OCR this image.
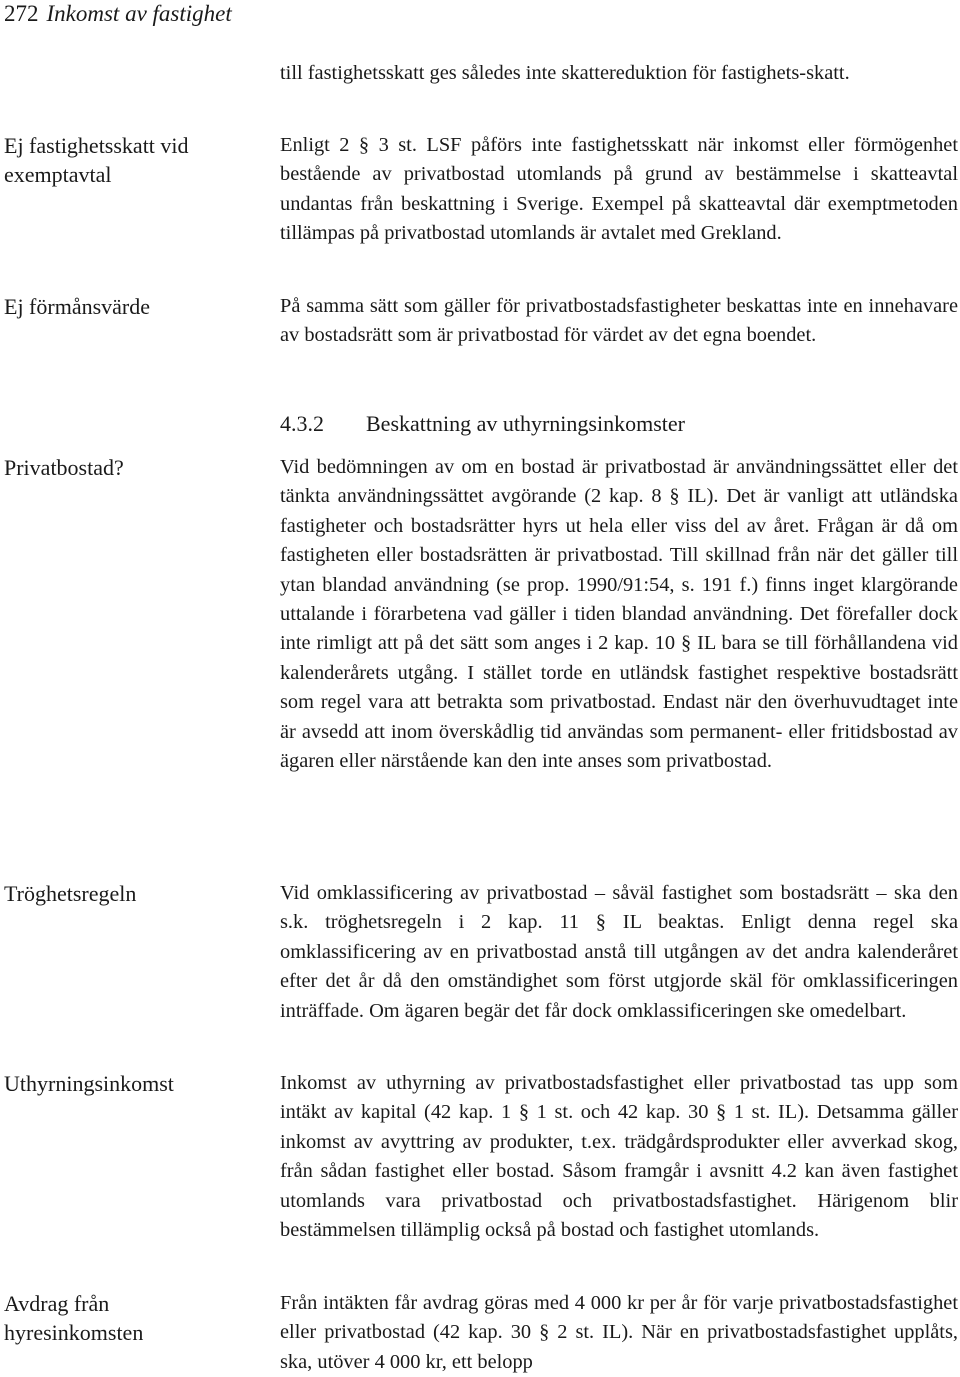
272 Inkomst av fastighet
Ej fastighetsskatt vid exemptavtal
Ej förmånsvärde
Privatbostad?
Tröghetsregeln
Uthyrningsinkomst
Avdrag från hyresinkomsten
till fastighetsskatt ges således inte skattereduktion för fastighets-skatt.
Enligt 2 § 3 st. LSF påförs inte fastighetsskatt när inkomst eller förmögenhet bestående av privatbostad utomlands på grund av bestämmelse i skatteavtal undantas från beskattning i Sverige. Exempel på skatteavtal där exemptmetoden tillämpas på privatbostad utomlands är avtalet med Grekland.
På samma sätt som gäller för privatbostadsfastigheter beskattas inte en innehavare av bostadsrätt som är privatbostad för värdet av det egna boendet.
4.3.2 Beskattning av uthyrningsinkomster
Vid bedömningen av om en bostad är privatbostad är användningssättet eller det tänkta användningssättet avgörande (2 kap. 8 § IL). Det är vanligt att utländska fastigheter och bostadsrätter hyrs ut hela eller viss del av året. Frågan är då om fastigheten eller bostadsrätten är privatbostad. Till skillnad från när det gäller till ytan blandad användning (se prop. 1990/91:54, s. 191 f.) finns inget klargörande uttalande i förarbetena vad gäller i tiden blandad användning. Det förefaller dock inte rimligt att på det sätt som anges i 2 kap. 10 § IL bara se till förhållandena vid kalenderårets utgång. I stället torde en utländsk fastighet respektive bostadsrätt som regel vara att betrakta som privatbostad. Endast när den överhuvudtaget inte är avsedd att inom överskådlig tid användas som permanent- eller fritidsbostad av ägaren eller närstående kan den inte anses som privatbostad.
Vid omklassificering av privatbostad – såväl fastighet som bostadsrätt – ska den s.k. tröghetsregeln i 2 kap. 11 § IL beaktas. Enligt denna regel ska omklassificering av en privatbostad anstå till utgången av det andra kalenderåret efter det år då den omständighet som först utgjorde skäl för omklassificeringen inträffade. Om ägaren begär det får dock omklassificeringen ske omedelbart.
Inkomst av uthyrning av privatbostadsfastighet eller privatbostad tas upp som intäkt av kapital (42 kap. 1 § 1 st. och 42 kap. 30 § 1 st. IL). Detsamma gäller inkomst av avyttring av produkter, t.ex. trädgårdsprodukter eller avverkad skog, från sådan fastighet eller bostad. Såsom framgår i avsnitt 4.2 kan även fastighet utomlands vara privatbostad och privatbostadsfastighet. Härigenom blir bestämmelsen tillämplig också på bostad och fastighet utomlands.
Från intäkten får avdrag göras med 4 000 kr per år för varje privatbostadsfastighet eller privatbostad (42 kap. 30 § 2 st. IL). När en privatbostadsfastighet upplåts, ska, utöver 4 000 kr, ett belopp
